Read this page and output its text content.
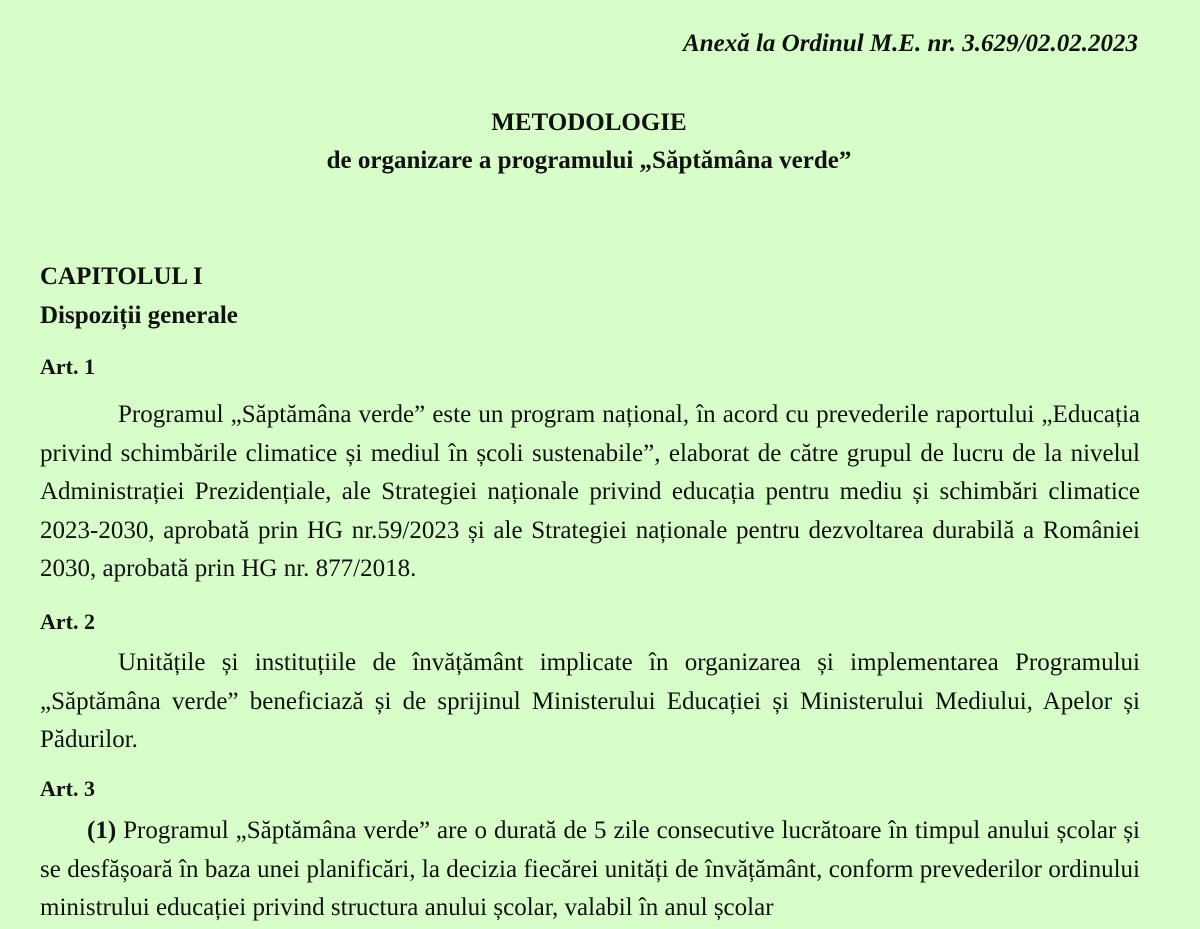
Anexă la Ordinul M.E. nr. 3.629/02.02.2023
METODOLOGIE
de organizare a programului „Săptămâna verde”
CAPITOLUL I
Dispoziții generale
Art. 1
Programul „Săptămâna verde” este un program național, în acord cu prevederile raportului „Educația privind schimbările climatice și mediul în școli sustenabile”, elaborat de către grupul de lucru de la nivelul Administrației Prezidențiale, ale Strategiei naționale privind educația pentru mediu și schimbări climatice 2023-2030, aprobată prin HG nr.59/2023 și ale Strategiei naționale pentru dezvoltarea durabilă a României 2030, aprobată prin HG nr. 877/2018.
Art. 2
Unitățile și instituțiile de învățământ implicate în organizarea și implementarea Programului „Săptămâna verde” beneficiază și de sprijinul Ministerului Educației și Ministerului Mediului, Apelor și Pădurilor.
Art. 3
(1) Programul „Săptămâna verde” are o durată de 5 zile consecutive lucrătoare în timpul anului școlar și se desfășoară în baza unei planificări, la decizia fiecărei unități de învățământ, conform prevederilor ordinului ministrului educației privind structura anului școlar, valabil în anul școlar
